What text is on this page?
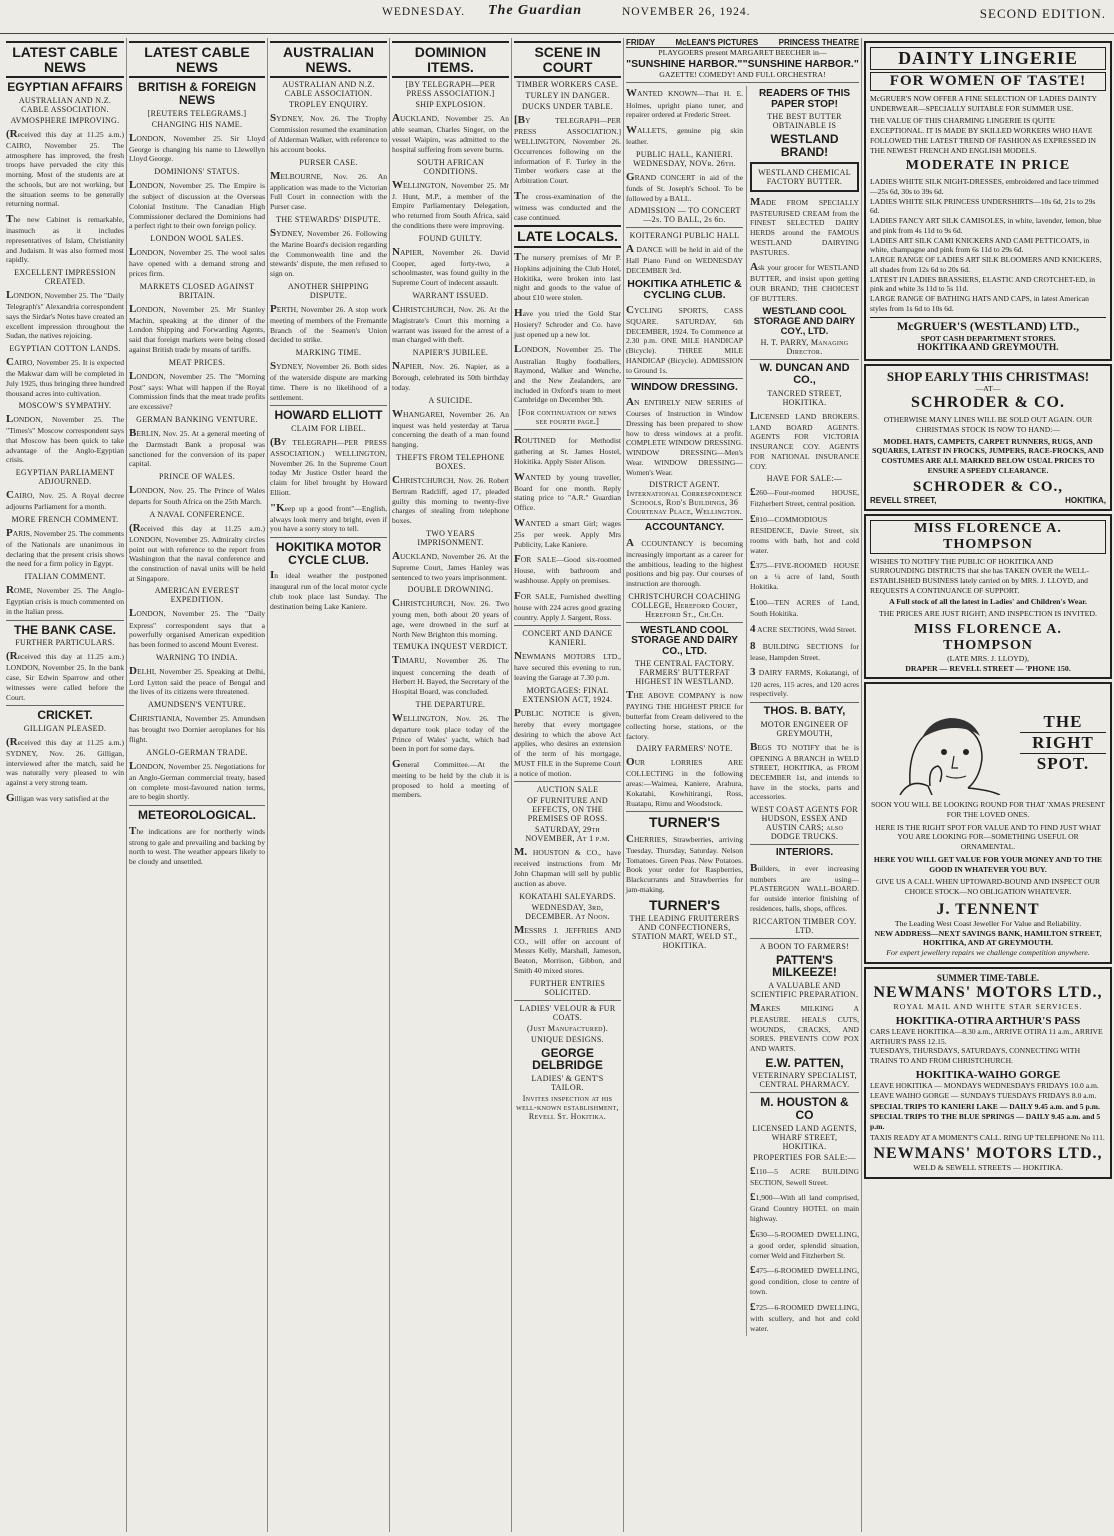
WEDNESDAY. The Guardian	NOVEMBER 26, 1924.	SECOND EDITION.
LATEST CABLE NEWS
EGYPTIAN AFFAIRS
AUSTRALIAN AND N.Z. CABLE ASSOCIATION.
AVMOSPHERE IMPROVING.
(Received this day at 11.25 a.m.) CAIRO, November 25. The atmosphere has improved, the fresh troops have pervaded the city this morning. Most of the students are at the schools, but are not working, but the situation seems to be generally returning normal.
The new Cabinet is remarkable, inasmuch as it includes representatives of Islam, Christianity and Judaism. It was also formed most rapidly.
EXCELLENT IMPRESSION CREATED.
LONDON, November 25. The "Daily Telegraph's" Alexandria correspondent says the Sirdar's Notes have created an excellent impression throughout the Sudan, the natives rejoicing.
EGYPTIAN COTTON LANDS.
CAIRO, November 25. It is expected the Makwar dam will be completed in July 1925, thus bringing three hundred thousand acres into cultivation.
MOSCOW'S SYMPATHY.
LONDON, November 25. The "Times's" Moscow correspondent says that Moscow has been quick to take advantage of the Anglo-Egyptian crisis.
EGYPTIAN PARLIAMENT ADJOURNED.
CAIRO, Nov. 25. A Royal decree adjourns Parliament for a month.
MORE FRENCH COMMENT.
PARIS, November 25. The comments of the Nationals are unanimous in declaring that the present crisis shows the need for a firm policy in Egypt.
ITALIAN COMMENT.
ROME, November 25. The Anglo-Egyptian crisis is much commented on in the Italian press.
THE BANK CASE.
FURTHER PARTICULARS.
(Received this day at 11.25 a.m.) LONDON, November 25. In the bank case, Sir Edwin Sparrow and other witnesses were called before the Court.
CRICKET.
GILLIGAN PLEASED.
(Received this day at 11.25 a.m.) SYDNEY, Nov. 26. Gilligan, interviewed after the match, said he was naturally very pleased to win against a very strong team.
Gilligan was very satisfied at the
LATEST CABLE NEWS
BRITISH & FOREIGN NEWS
[REUTERS TELEGRAMS.]
CHANGING HIS NAME.
LONDON, November 25. Sir Lloyd George is changing his name to Llewellyn Lloyd George.
DOMINIONS' STATUS.
LONDON, November 25. The Empire is the subject of discussion at the Overseas Colonial Institute. The Canadian High Commissioner declared the Dominions had a perfect right to their own foreign policy.
LONDON WOOL SALES.
LONDON, November 25. The wool sales have opened with a demand strong and prices firm.
MARKETS CLOSED AGAINST BRITAIN.
LONDON, November 25. Mr Stanley Machin, speaking at the dinner of the London Shipping and Forwarding Agents, said that foreign markets were being closed against British trade by means of tariffs.
MEAT PRICES.
LONDON, November 25. The "Morning Post" says: What will happen if the Royal Commission finds that the meat trade profits are excessive?
GERMAN BANKING VENTURE.
BERLIN, Nov. 25. At a general meeting of the Darmstadt Bank a proposal was sanctioned for the conversion of its paper capital.
PRINCE OF WALES.
LONDON, Nov. 25. The Prince of Wales departs for South Africa on the 25th March.
A NAVAL CONFERENCE.
(Received this day at 11.25 a.m.) LONDON, November 25. Admiralty circles point out with reference to the report from Washington that the naval conference and the construction of naval units will be held at Singapore.
AMERICAN EVEREST EXPEDITION.
LONDON, November 25. The "Daily Express" correspondent says that a powerfully organised American expedition has been formed to ascend Mount Everest.
WARNING TO INDIA.
DELHI, November 25. Speaking at Delhi, Lord Lytton said the peace of Bengal and the lives of its citizens were threatened.
AMUNDSEN'S VENTURE.
CHRISTIANIA, November 25. Amundsen has brought two Dornier aeroplanes for his flight.
ANGLO-GERMAN TRADE.
LONDON, November 25. Negotiations for an Anglo-German commercial treaty, based on complete most-favoured nation terms, are to begin shortly.
METEOROLOGICAL.
The indications are for northerly winds strong to gale and prevailing and backing by north to west. The weather appears likely to be cloudy and unsettled.
AUSTRALIAN NEWS.
AUSTRALIAN AND N.Z. CABLE ASSOCIATION.
TROPLEY ENQUIRY.
SYDNEY, Nov. 26. The Trophy Commission resumed the examination of Alderman Walker, with reference to his account books.
PURSER CASE.
MELBOURNE, Nov. 26. An application was made to the Victorian Full Court in connection with the Purser case.
THE STEWARDS' DISPUTE.
SYDNEY, November 26. Following the Marine Board's decision regarding the Commonwealth line and the stewards' dispute, the men refused to sign on.
ANOTHER SHIPPING DISPUTE.
PERTH, November 26. A stop work meeting of members of the Fremantle Branch of the Seamen's Union decided to strike.
MARKING TIME.
SYDNEY, November 26. Both sides of the waterside dispute are marking time. There is no likelihood of a settlement.
HOWARD ELLIOTT
CLAIM FOR LIBEL.
(BY TELEGRAPH—PER PRESS ASSOCIATION.) WELLINGTON, November 26. In the Supreme Court today Mr Justice Ostler heard the claim for libel brought by Howard Elliott.
"Keep up a good front"—English, always look merry and bright, even if you have a sorry story to tell.
HOKITIKA MOTOR CYCLE CLUB.
In ideal weather the postponed inaugural run of the local motor cycle club took place last Sunday. The destination being Lake Kaniere.
DOMINION ITEMS.
[BY TELEGRAPH—PER PRESS ASSOCIATION.]
SHIP EXPLOSION.
AUCKLAND, November 25. An able seaman, Charles Singer, on the vessel Waipiro, was admitted to the hospital suffering from severe burns.
SOUTH AFRICAN CONDITIONS.
WELLINGTON, November 25. Mr J. Hunt, M.P., a member of the Empire Parliamentary Delegation, who returned from South Africa, said the conditions there were improving.
FOUND GUILTY.
NAPIER, November 26. David Cooper, aged forty-two, a schoolmaster, was found guilty in the Supreme Court of indecent assault.
WARRANT ISSUED.
CHRISTCHURCH, Nov. 26. At the Magistrate's Court this morning a warrant was issued for the arrest of a man charged with theft.
NAPIER'S JUBILEE.
NAPIER, Nov. 26. Napier, as a Borough, celebrated its 50th birthday today.
A SUICIDE.
WHANGAREI, November 26. An inquest was held yesterday at Tarua concerning the death of a man found hanging.
THEFTS FROM TELEPHONE BOXES.
CHRISTCHURCH, Nov. 26. Robert Bertram Radcliff, aged 17, pleaded guilty this morning to twenty-five charges of stealing from telephone boxes.
TWO YEARS IMPRISONMENT.
AUCKLAND, November 26. At the Supreme Court, James Hanley was sentenced to two years imprisonment.
DOUBLE DROWNING.
CHRISTCHURCH, Nov. 26. Two young men, both about 20 years of age, were drowned in the surf at North New Brighton this morning.
TEMUKA INQUEST VERDICT.
TIMARU, November 26. The inquest concerning the death of Herbert H. Bayed, the Secretary of the Hospital Board, was concluded.
THE DEPARTURE.
WELLINGTON, Nov. 26. The departure took place today of the Prince of Wales' yacht, which had been in port for some days.
General Committee.—At the meeting to be held by the club it is proposed to hold a meeting of members.
SCENE IN COURT
TIMBER WORKERS CASE.
TURLEY IN DANGER.
DUCKS UNDER TABLE.
[BY TELEGRAPH—PER PRESS ASSOCIATION.] WELLINGTON, November 26. Occurrences following on the information of F. Turley in the Timber workers case at the Arbitration Court.
The cross-examination of the witness was conducted and the case continued.
LATE LOCALS.
The nursery premises of Mr P. Hopkins adjoining the Club Hotel, Hokitika, were broken into last night and goods to the value of about £10 were stolen.
Have you tried the Gold Star Hosiery? Schroder and Co. have just opened up a new lot.
LONDON, November 25. The Australian Rugby footballers, Raymond, Walker and Wenche, and the New Zealanders, are included in Oxford's team to meet Cambridge on December 9th.
[For continuation of news see fourth page.]
ROUTINED for Methodist gathering at St. James Hostel, Hokitika. Apply Sister Alison.
WANTED by young traveller, Board for one month. Reply stating price to "A.R." Guardian Office.
WANTED a smart Girl; wages 25s per week. Apply Mrs Publicity, Lake Kaniere.
FOR SALE—Good six-roomed House, with bathroom and washhouse. Apply on premises.
FOR SALE, Furnished dwelling house with 224 acres good grazing country. Apply J. Sargent, Ross.
CONCERT AND DANCE KANIERI.
NEWMANS MOTORS LTD., have secured this evening to run, leaving the Garage at 7.30 p.m.
MORTGAGES: FINAL EXTENSION ACT, 1924.
PUBLIC NOTICE is given, hereby that every mortgagee desiring to which the above Act applies, who desires an extension of the term of his mortgage, MUST FILE in the Supreme Court a notice of motion.
AUCTION SALE
OF FURNITURE AND EFFECTS, ON THE PREMISES OF ROSS.
SATURDAY, 29th NOVEMBER, At 1 p.m.
M. HOUSTON & CO., have received instructions from Mr John Chapman will sell by public auction as above.
KOKATAHI SALEYARDS.
WEDNESDAY, 3rd, DECEMBER. At Noon.
MESSRS J. JEFFRIES AND CO., will offer on account of Messrs Kelly, Marshall, Jameson, Beaton, Morrison, Gibbon, and Smith 40 mixed stores.
FURTHER ENTRIES SOLICITED.
LADIES' VELOUR & FUR COATS.
(Just Manufactured).
UNIQUE DESIGNS.
GEORGE DELBRIDGE
LADIES' & GENT'S TAILOR.
Invites inspection at his well-known establishment, Revell St. Hokitika.
FRIDAY	McLEAN'S PICTURES	PRINCESS THEATRE
PLAYGOERS present MARGARET BEECHER in—
"SUNSHINE HARBOR." "SUNSHINE HARBOR."
GAZETTE! COMEDY! AND FULL ORCHESTRA!
WANTED KNOWN—That H. E. Holmes, upright piano tuner, and repairer ordered at Frederic Street.
WALLETS, genuine pig skin leather.
PUBLIC HALL, KANIERI. WEDNESDAY, NOVr. 26th.
GRAND CONCERT in aid of the funds of St. Joseph's School. To be followed by a BALL.
ADMISSION — TO CONCERT—2s. TO BALL, 2s 6d.
KOITERANGI PUBLIC HALL
A DANCE will be held in aid of the Hall Piano Fund on WEDNESDAY DECEMBER 3rd.
HOKITIKA ATHLETIC & CYCLING CLUB.
CYCLING SPORTS, CASS SQUARE. SATURDAY, 6th DECEMBER, 1924. To Commence at 2.30 p.m. ONE MILE HANDICAP (Bicycle). THREE MILE HANDICAP (Bicycle). ADMISSION to Ground 1s.
WINDOW DRESSING.
AN ENTIRELY NEW SERIES of Courses of Instruction in Window Dressing has been prepared to show how to dress windows at a profit. COMPLETE WINDOW DRESSING. WINDOW DRESSING—Men's Wear. WINDOW DRESSING—Women's Wear.
DISTRICT AGENT. International Correspondence Schools, Rod's Buildings, 36 Courtenay Place, Wellington.
ACCOUNTANCY.
A CCOUNTANCY is becoming increasingly important as a career for the ambitious, leading to the highest positions and big pay. Our courses of instruction are thorough.
CHRISTCHURCH COACHING COLLEGE, Hereford Court, Hereford St., Ch.Ch.
WESTLAND COOL STORAGE AND DAIRY CO., LTD.
THE CENTRAL FACTORY. FARMERS' BUTTERFAT HIGHEST IN WESTLAND.
THE ABOVE COMPANY is now PAYING THE HIGHEST PRICE for butterfat from Cream delivered to the collecting horse, stations, or the factory.
DAIRY FARMERS' NOTE.
OUR LORRIES ARE COLLECTING in the following areas:—Waimea, Kaniere, Arahura, Kokatahi, Kowhitirangi, Ross, Ruatapu, Rimu and Woodstock.
TURNER'S
CHERRIES, Strawberries, arriving Tuesday, Thursday, Saturday. Nelson Tomatoes. Green Peas. New Potatoes. Book your order for Raspberries, Blackcurrants and Strawberries for jam-making.
TURNER'S
THE LEADING FRUITERERS AND CONFECTIONERS, STATION MART, WELD ST., HOKITIKA.
READERS OF THIS PAPER STOP!
THE BEST BUTTER OBTAINABLE IS
WESTLAND BRAND!
WESTLAND CHEMICAL FACTORY BUTTER.
MADE FROM SPECIALLY PASTEURISED CREAM from the FINEST SELECTED DAIRY HERDS around the FAMOUS WESTLAND DAIRYING PASTURES.
Ask your grocer for WESTLAND BUTTER, and insist upon getting OUR BRAND, THE CHOICEST OF BUTTERS.
WESTLAND COOL STORAGE AND DAIRY COY., LTD.
H. T. PARRY, Managing Director.
W. DUNCAN AND CO.,
TANCRED STREET, HOKITIKA.
LICENSED LAND BROKERS. LAND BOARD AGENTS. AGENTS FOR VICTORIA INSURANCE COY. AGENTS FOR NATIONAL INSURANCE COY.
HAVE FOR SALE:—
£260—Four-roomed HOUSE, Fitzherbert Street, central position.
£810—COMMODIOUS RESIDENCE, Davie Street, six rooms with bath, hot and cold water.
£375—FIVE-ROOMED HOUSE on a ¼ acre of land, South Hokitika.
£100—TEN ACRES of Land, South Hokitika.
4 ACRE SECTIONS, Weld Street.
8 BUILDING SECTIONS for lease, Hampden Street.
3 DAIRY FARMS, Kokatangi, of 120 acres, 115 acres, and 120 acres respectively.
THOS. B. BATY,
MOTOR ENGINEER OF GREYMOUTH,
BEGS TO NOTIFY that he is OPENING A BRANCH in WELD STREET, HOKITIKA, as FROM DECEMBER 1st, and intends to have in the stocks, parts and accessories.
WEST COAST AGENTS FOR HUDSON, ESSEX AND AUSTIN CARS; also DODGE TRUCKS.
INTERIORS.
Builders, in ever increasing numbers are using— PLASTERGON WALL-BOARD. for outside interior finishing of residences, halls, shops, offices.
RICCARTON TIMBER COY. LTD.
A BOON TO FARMERS!
PATTEN'S MILKEEZE!
A VALUABLE AND SCIENTIFIC PREPARATION.
MAKES MILKING A PLEASURE. HEALS CUTS, WOUNDS, CRACKS, AND SORES. PREVENTS COW POX AND WARTS.
E.W. PATTEN,
VETERINARY SPECIALIST, CENTRAL PHARMACY.
M. HOUSTON & CO
LICENSED LAND AGENTS, WHARF STREET, HOKITIKA.
PROPERTIES FOR SALE:—
£110—5 ACRE BUILDING SECTION, Sewell Street.
£1,900—With all land comprised, Grand Country HOTEL on main highway.
£630—5-ROOMED DWELLING, a good order, splendid situation, corner Weld and Fitzherbert St.
£475—6-ROOMED DWELLING, good condition, close to centre of town.
£725—6-ROOMED DWELLING, with scullery, and hot and cold water.
DAINTY LINGERIE
FOR WOMEN OF TASTE!
McGRUER'S NOW OFFER A FINE SELECTION OF LADIES DAINTY UNDERWEAR—SPECIALLY SUITABLE FOR SUMMER USE.
THE VALUE OF THIS CHARMING LINGERIE IS QUITE EXCEPTIONAL. IT IS MADE BY SKILLED WORKERS WHO HAVE FOLLOWED THE LATEST TREND OF FASHION AS EXPRESSED IN THE NEWEST FRENCH AND ENGLISH MODELS.
MODERATE IN PRICE
LADIES WHITE SILK NIGHT-DRESSES, embroidered and lace trimmed—25s 6d, 30s to 39s 6d.
LADIES WHITE SILK PRINCESS UNDERSHIRTS—10s 6d, 21s to 29s 6d.
LADIES FANCY ART SILK CAMISOLES, in white, lavender, lemon, blue and pink from 4s 11d to 9s 6d.
LADIES ART SILK CAMI KNICKERS AND CAMI PETTICOATS, in white, champagne and pink from 6s 11d to 29s 6d.
LARGE RANGE OF LADIES ART SILK BLOOMERS AND KNICKERS, all shades from 12s 6d to 20s 6d.
LATEST IN LADIES BRASSIERS, ELASTIC AND CROTCHET-ED, in pink and white 3s 11d to 5s 11d.
LARGE RANGE OF BATHING HATS AND CAPS, in latest American styles from 1s 6d to 10s 6d.
McGRUER'S (WESTLAND) LTD.,
SPOT CASH DEPARTMENT STORES.
HOKITIKA AND GREYMOUTH.
SHOP EARLY THIS CHRISTMAS!
—AT—
SCHRODER & CO.
OTHERWISE MANY LINES WILL BE SOLD OUT AGAIN. OUR CHRISTMAS STOCK IS NOW TO HAND:—
MODEL HATS, CAMPETS, CARPET RUNNERS, RUGS, AND SQUARES, LATEST IN FROCKS, JUMPERS, RACE-FROCKS, AND COSTUMES ARE ALL MARKED BELOW USUAL PRICES TO ENSURE A SPEEDY CLEARANCE.
SCHRODER & CO.,
REVELL STREET,	HOKITIKA,
MISS FLORENCE A. THOMPSON
WISHES TO NOTIFY THE PUBLIC OF HOKITIKA AND SURROUNDING DISTRICTS that she has TAKEN OVER the WELL-ESTABLISHED BUSINESS lately carried on by MRS. J. LLOYD, and REQUESTS A CONTINUANCE OF SUPPORT.
A Full stock of all the latest in Ladies' and Children's Wear.
THE PRICES ARE JUST RIGHT; AND INSPECTION IS INVITED.
MISS FLORENCE A. THOMPSON
(LATE MRS. J. LLOYD),
DRAPER — REVELL STREET — 'PHONE 150.
THE
RIGHT
SPOT.
SOON YOU WILL BE LOOKING ROUND FOR THAT 'XMAS PRESENT FOR THE LOVED ONES.
HERE IS THE RIGHT SPOT FOR VALUE AND TO FIND JUST WHAT YOU ARE LOOKING FOR—SOMETHING USEFUL OR ORNAMENTAL.
HERE YOU WILL GET VALUE FOR YOUR MONEY AND TO THE GOOD IN WHATEVER YOU BUY.
GIVE US A CALL WHEN UPTOWARD-BOUND AND INSPECT OUR CHOICE STOCK—NO OBLIGATION WHATEVER.
J. TENNENT
The Leading West Coast Jeweller For Value and Reliability.
NEW ADDRESS—NEXT SAVINGS BANK, HAMILTON STREET, HOKITIKA, AND AT GREYMOUTH.
For expert jewellery repairs we challenge competition anywhere.
SUMMER TIME-TABLE.
NEWMANS' MOTORS LTD.,
ROYAL MAIL AND WHITE STAR SERVICES.
HOKITIKA-OTIRA ARTHUR'S PASS
CARS LEAVE HOKITIKA—8.30 a.m., ARRIVE OTIRA 11 a.m., ARRIVE ARTHUR'S PASS 12.15.
TUESDAYS, THURSDAYS, SATURDAYS, CONNECTING WITH TRAINS TO AND FROM CHRISTCHURCH.
HOKITIKA-WAIHO GORGE
LEAVE HOKITIKA — MONDAYS WEDNESDAYS FRIDAYS 10.0 a.m.
LEAVE WAIHO GORGE — SUNDAYS TUESDAYS FRIDAYS 8.0 a.m.
SPECIAL TRIPS TO KANIERI LAKE — DAILY 9.45 a.m. and 5 p.m.
SPECIAL TRIPS TO THE BLUE SPRINGS — DAILY 9.45 a.m. and 5 p.m.
TAXIS READY AT A MOMENT'S CALL. RING UP TELEPHONE No 111.
NEWMANS' MOTORS LTD.,
WELD & SEWELL STREETS — HOKITIKA.
